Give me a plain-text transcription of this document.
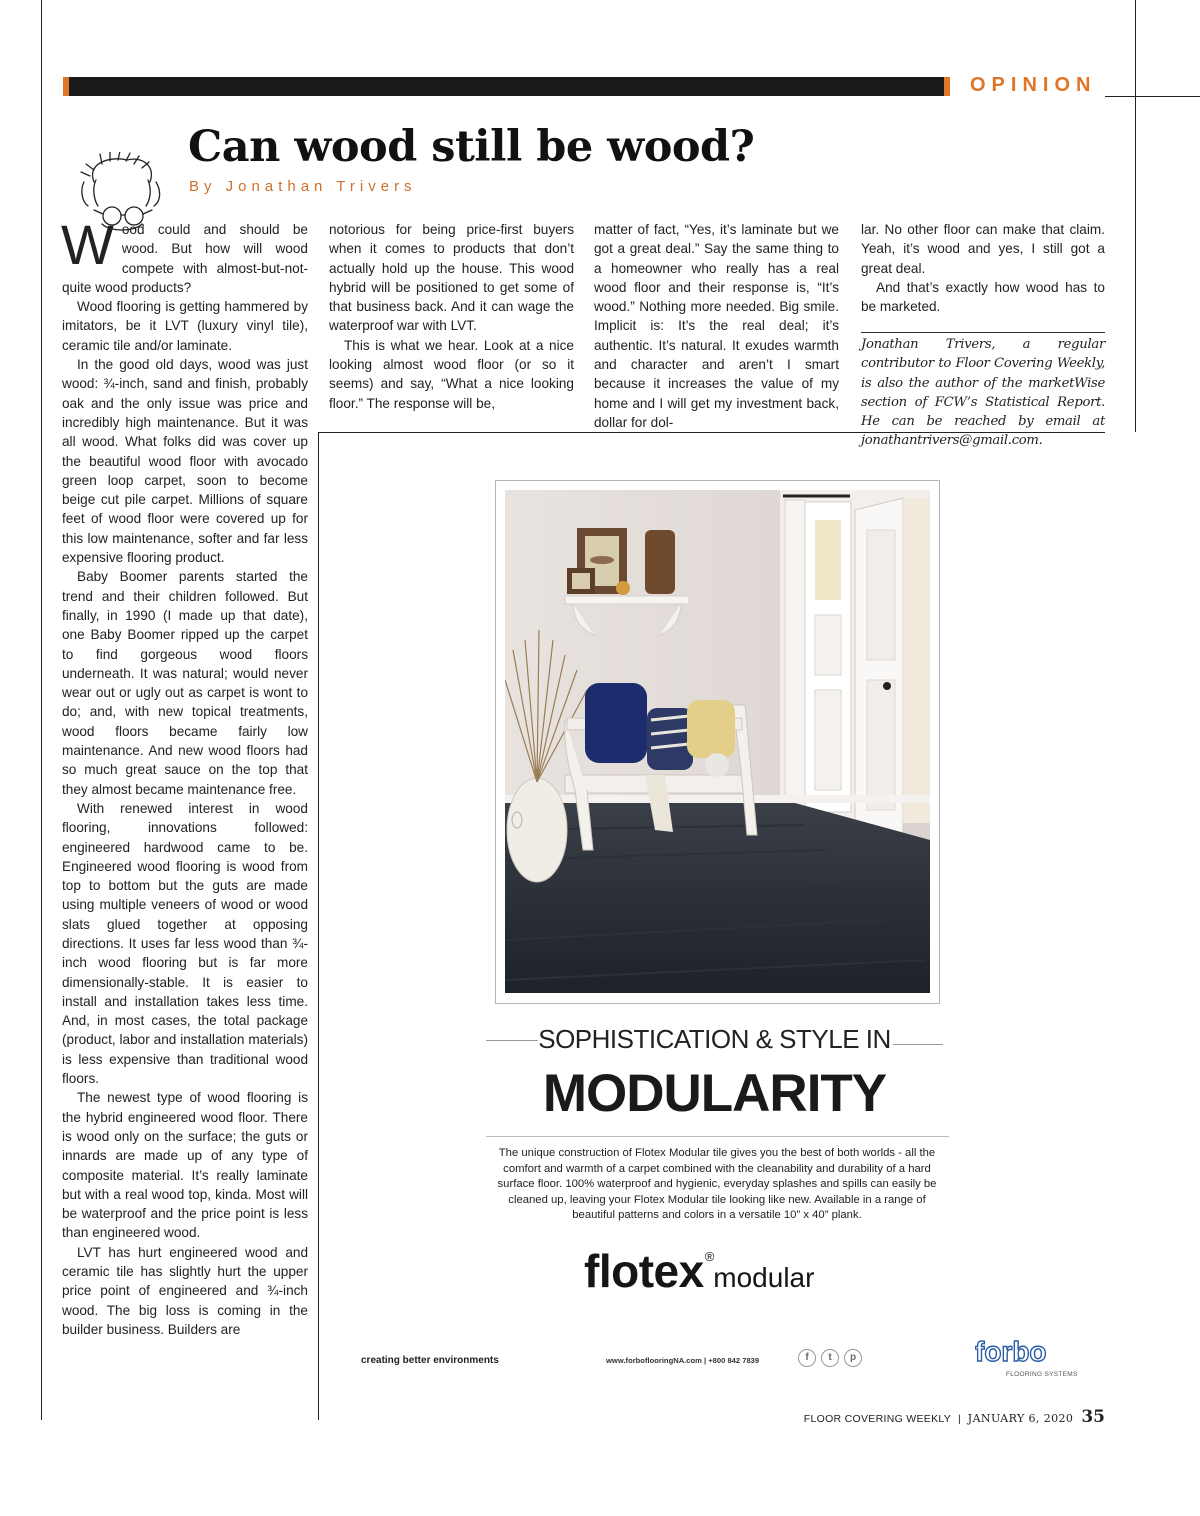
OPINION
Can wood still be wood?
By Jonathan Trivers

Wood could and should be wood. But how will wood compete with almost-but-not-quite wood products?

Wood flooring is getting hammered by imitators, be it LVT (luxury vinyl tile), ceramic tile and/or laminate.

In the good old days, wood was just wood: ¾-inch, sand and finish, probably oak and the only issue was price and incredibly high maintenance. But it was all wood. What folks did was cover up the beautiful wood floor with avocado green loop carpet, soon to become beige cut pile carpet. Millions of square feet of wood floor were covered up for this low maintenance, softer and far less expensive flooring product.

Baby Boomer parents started the trend and their children followed. But finally, in 1990 (I made up that date), one Baby Boomer ripped up the carpet to find gorgeous wood floors underneath. It was natural; would never wear out or ugly out as carpet is wont to do; and, with new topical treatments, wood floors became fairly low maintenance. And new wood floors had so much great sauce on the top that they almost became maintenance free.

With renewed interest in wood flooring, innovations followed: engineered hardwood came to be. Engineered wood flooring is wood from top to bottom but the guts are made using multiple veneers of wood or wood slats glued together at opposing directions. It uses far less wood than ¾-inch wood flooring but is far more dimensionally-stable. It is easier to install and installation takes less time. And, in most cases, the total package (product, labor and installation materials) is less expensive than traditional wood floors.

The newest type of wood flooring is the hybrid engineered wood floor. There is wood only on the surface; the guts or innards are made up of any type of composite material. It’s really laminate but with a real wood top, kinda. Most will be waterproof and the price point is less than engineered wood.

LVT has hurt engineered wood and ceramic tile has slightly hurt the upper price point of engineered and ¾-inch wood. The big loss is coming in the builder business. Builders are

notorious for being price-first buyers when it comes to products that don’t actually hold up the house. This wood hybrid will be positioned to get some of that business back. And it can wage the waterproof war with LVT.

This is what we hear. Look at a nice looking almost wood floor (or so it seems) and say, “What a nice looking floor.” The response will be,

matter of fact, “Yes, it’s laminate but we got a great deal.” Say the same thing to a homeowner who really has a real wood floor and their response is, “It’s wood.” Nothing more needed. Big smile. Implicit is: It’s the real deal; it’s authentic. It’s natural. It exudes warmth and character and aren’t I smart because it increases the value of my home and I will get my investment back, dollar for dol-

lar. No other floor can make that claim. Yeah, it’s wood and yes, I still got a great deal.

And that’s exactly how wood has to be marketed.

Jonathan Trivers, a regular contributor to Floor Covering Weekly, is also the author of the marketWise section of FCW’s Statistical Report. He can be reached by email at jonathantrivers@gmail.com.
SOPHISTICATION & STYLE IN
MODULARITY
The unique construction of Flotex Modular tile gives you the best of both worlds - all the comfort and warmth of a carpet combined with the cleanability and durability of a hard surface floor. 100% waterproof and hygienic, everyday splashes and spills can easily be cleaned up, leaving your Flotex Modular tile looking like new. Available in a range of beautiful patterns and colors in a versatile 10” x 40” plank.
flotex®modular
creating better environments	www.forboflooringNA.com | +800 842 7839	f	t	p	forbo
FLOORING SYSTEMS
FLOOR COVERING WEEKLY | JANUARY 6, 2020 35
